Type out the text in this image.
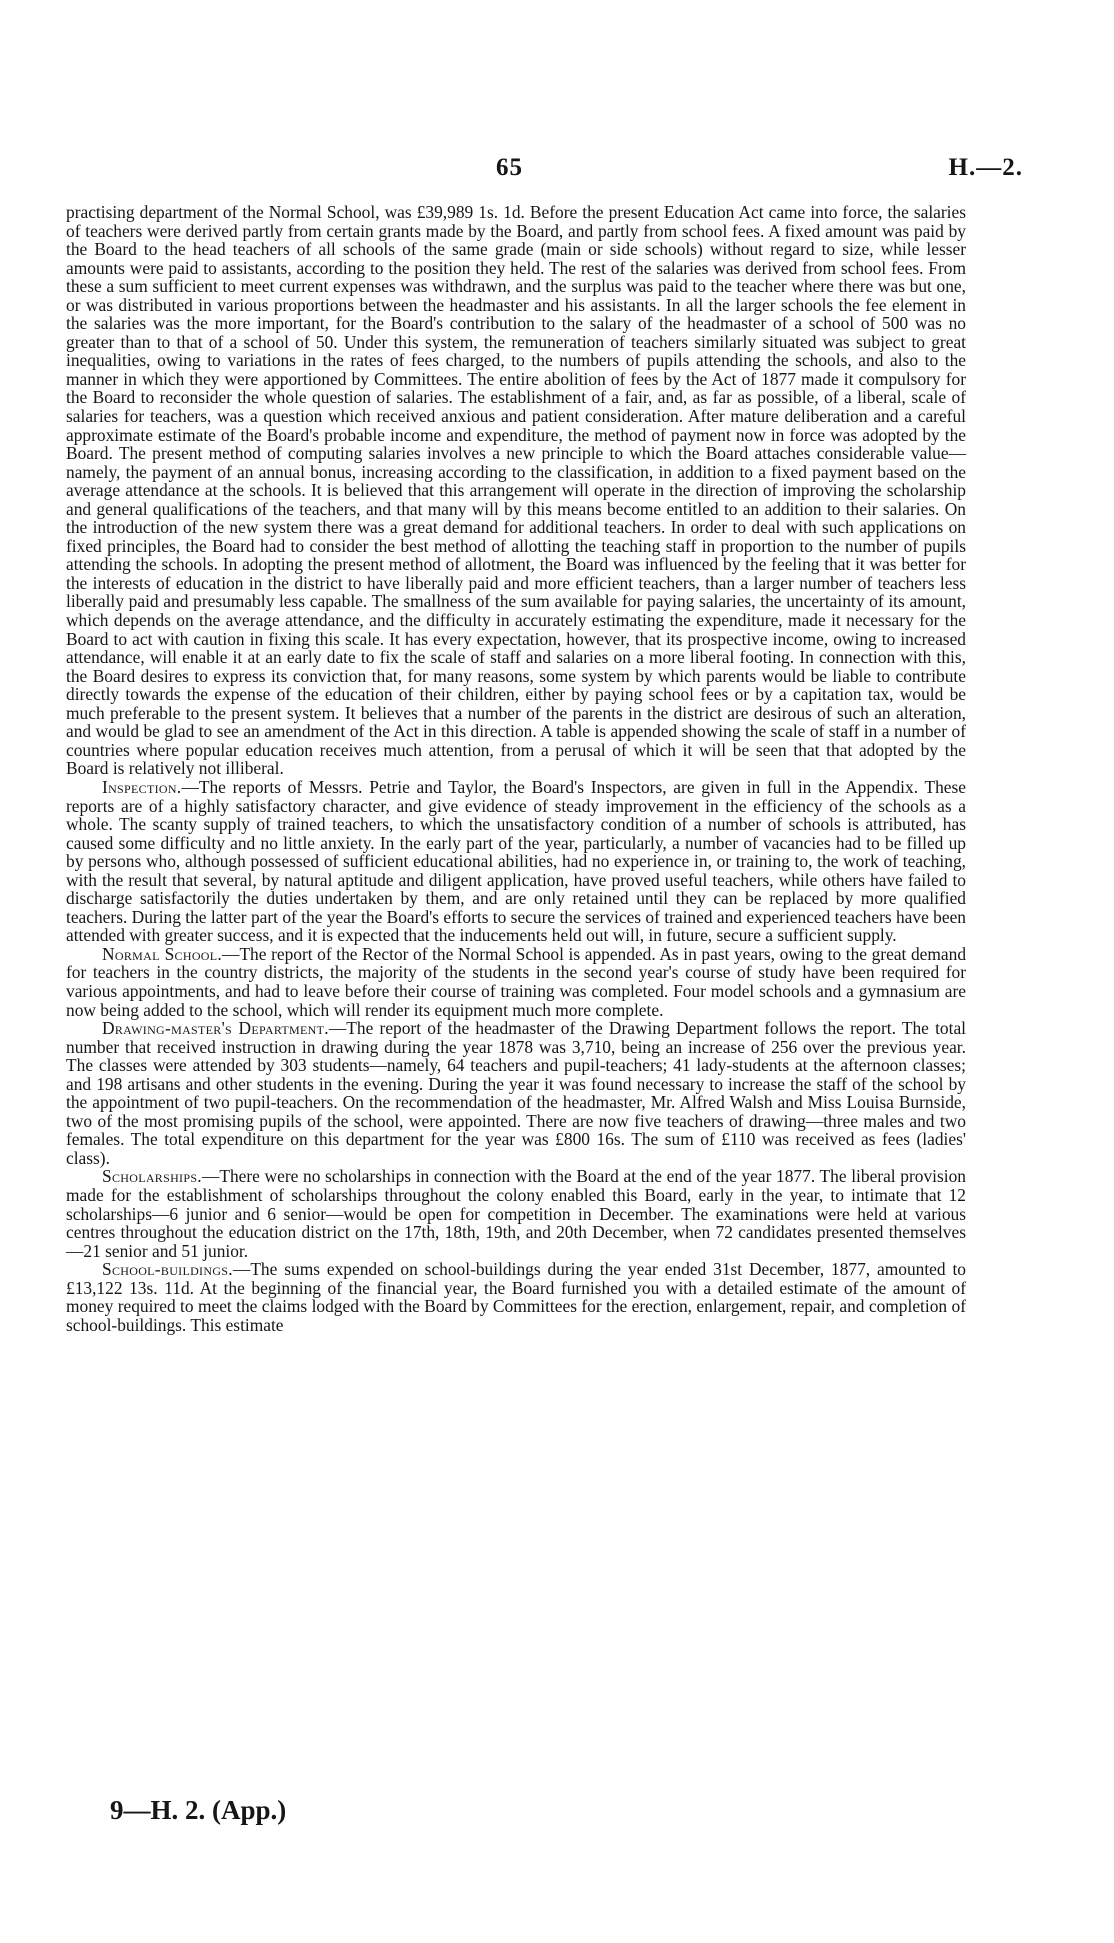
65	H.—2.

practising department of the Normal School, was £39,989 1s. 1d. Before the present Education Act came into force, the salaries of teachers were derived partly from certain grants made by the Board, and partly from school fees. A fixed amount was paid by the Board to the head teachers of all schools of the same grade (main or side schools) without regard to size, while lesser amounts were paid to assistants, according to the position they held. The rest of the salaries was derived from school fees. From these a sum sufficient to meet current expenses was withdrawn, and the surplus was paid to the teacher where there was but one, or was distributed in various proportions between the headmaster and his assistants. In all the larger schools the fee element in the salaries was the more important, for the Board's contribution to the salary of the headmaster of a school of 500 was no greater than to that of a school of 50. Under this system, the remuneration of teachers similarly situated was subject to great inequalities, owing to variations in the rates of fees charged, to the numbers of pupils attending the schools, and also to the manner in which they were apportioned by Committees. The entire abolition of fees by the Act of 1877 made it compulsory for the Board to reconsider the whole question of salaries. The establishment of a fair, and, as far as possible, of a liberal, scale of salaries for teachers, was a question which received anxious and patient consideration. After mature deliberation and a careful approximate estimate of the Board's probable income and expenditure, the method of payment now in force was adopted by the Board. The present method of computing salaries involves a new principle to which the Board attaches considerable value—namely, the payment of an annual bonus, increasing according to the classification, in addition to a fixed payment based on the average attendance at the schools. It is believed that this arrangement will operate in the direction of improving the scholarship and general qualifications of the teachers, and that many will by this means become entitled to an addition to their salaries. On the introduction of the new system there was a great demand for additional teachers. In order to deal with such applications on fixed principles, the Board had to consider the best method of allotting the teaching staff in proportion to the number of pupils attending the schools. In adopting the present method of allotment, the Board was influenced by the feeling that it was better for the interests of education in the district to have liberally paid and more efficient teachers, than a larger number of teachers less liberally paid and presumably less capable. The smallness of the sum available for paying salaries, the uncertainty of its amount, which depends on the average attendance, and the difficulty in accurately estimating the expenditure, made it necessary for the Board to act with caution in fixing this scale. It has every expectation, however, that its prospective income, owing to increased attendance, will enable it at an early date to fix the scale of staff and salaries on a more liberal footing. In connection with this, the Board desires to express its conviction that, for many reasons, some system by which parents would be liable to contribute directly towards the expense of the education of their children, either by paying school fees or by a capitation tax, would be much preferable to the present system. It believes that a number of the parents in the district are desirous of such an alteration, and would be glad to see an amendment of the Act in this direction. A table is appended showing the scale of staff in a number of countries where popular education receives much attention, from a perusal of which it will be seen that that adopted by the Board is relatively not illiberal.

Inspection.—The reports of Messrs. Petrie and Taylor, the Board's Inspectors, are given in full in the Appendix. These reports are of a highly satisfactory character, and give evidence of steady improvement in the efficiency of the schools as a whole. The scanty supply of trained teachers, to which the unsatisfactory condition of a number of schools is attributed, has caused some difficulty and no little anxiety. In the early part of the year, particularly, a number of vacancies had to be filled up by persons who, although possessed of sufficient educational abilities, had no experience in, or training to, the work of teaching, with the result that several, by natural aptitude and diligent application, have proved useful teachers, while others have failed to discharge satisfactorily the duties undertaken by them, and are only retained until they can be replaced by more qualified teachers. During the latter part of the year the Board's efforts to secure the services of trained and experienced teachers have been attended with greater success, and it is expected that the inducements held out will, in future, secure a sufficient supply.

Normal School.—The report of the Rector of the Normal School is appended. As in past years, owing to the great demand for teachers in the country districts, the majority of the students in the second year's course of study have been required for various appointments, and had to leave before their course of training was completed. Four model schools and a gymnasium are now being added to the school, which will render its equipment much more complete.

Drawing-master's Department.—The report of the headmaster of the Drawing Department follows the report. The total number that received instruction in drawing during the year 1878 was 3,710, being an increase of 256 over the previous year. The classes were attended by 303 students—namely, 64 teachers and pupil-teachers; 41 lady-students at the afternoon classes; and 198 artisans and other students in the evening. During the year it was found necessary to increase the staff of the school by the appointment of two pupil-teachers. On the recommendation of the headmaster, Mr. Alfred Walsh and Miss Louisa Burnside, two of the most promising pupils of the school, were appointed. There are now five teachers of drawing—three males and two females. The total expenditure on this department for the year was £800 16s. The sum of £110 was received as fees (ladies' class).

Scholarships.—There were no scholarships in connection with the Board at the end of the year 1877. The liberal provision made for the establishment of scholarships throughout the colony enabled this Board, early in the year, to intimate that 12 scholarships—6 junior and 6 senior—would be open for competition in December. The examinations were held at various centres throughout the education district on the 17th, 18th, 19th, and 20th December, when 72 candidates presented themselves—21 senior and 51 junior.

School-buildings.—The sums expended on school-buildings during the year ended 31st December, 1877, amounted to £13,122 13s. 11d. At the beginning of the financial year, the Board furnished you with a detailed estimate of the amount of money required to meet the claims lodged with the Board by Committees for the erection, enlargement, repair, and completion of school-buildings. This estimate

9—H. 2. (App.)
